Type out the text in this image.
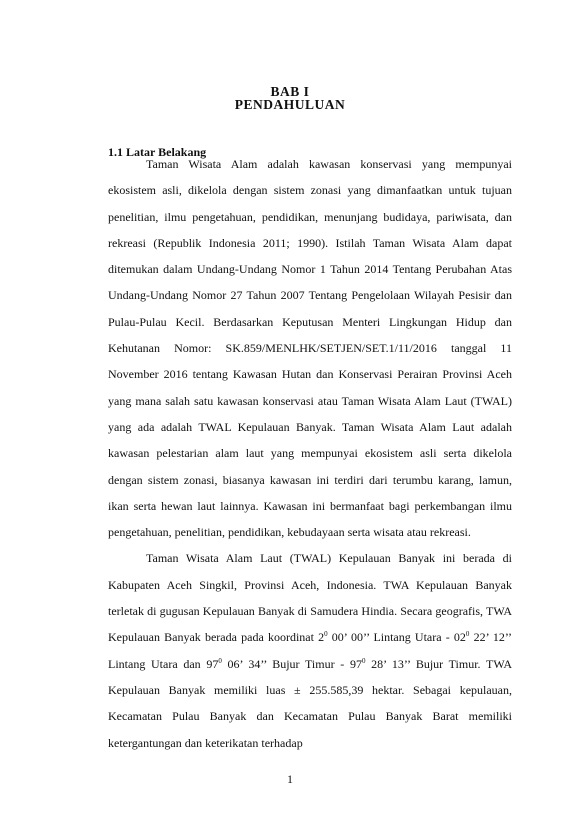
BAB I
PENDAHULUAN
1.1 Latar Belakang

Taman Wisata Alam adalah kawasan konservasi yang mempunyai ekosistem asli, dikelola dengan sistem zonasi yang dimanfaatkan untuk tujuan penelitian, ilmu pengetahuan, pendidikan, menunjang budidaya, pariwisata, dan rekreasi (Republik Indonesia 2011; 1990). Istilah Taman Wisata Alam dapat ditemukan dalam Undang-Undang Nomor 1 Tahun 2014 Tentang Perubahan Atas Undang-Undang Nomor 27 Tahun 2007 Tentang Pengelolaan Wilayah Pesisir dan Pulau-Pulau Kecil. Berdasarkan Keputusan Menteri Lingkungan Hidup dan Kehutanan Nomor: SK.859/MENLHK/SETJEN/SET.1/11/2016 tanggal 11 November 2016 tentang Kawasan Hutan dan Konservasi Perairan Provinsi Aceh yang mana salah satu kawasan konservasi atau Taman Wisata Alam Laut (TWAL) yang ada adalah TWAL Kepulauan Banyak. Taman Wisata Alam Laut adalah kawasan pelestarian alam laut yang mempunyai ekosistem asli serta dikelola dengan sistem zonasi, biasanya kawasan ini terdiri dari terumbu karang, lamun, ikan serta hewan laut lainnya. Kawasan ini bermanfaat bagi perkembangan ilmu pengetahuan, penelitian, pendidikan, kebudayaan serta wisata atau rekreasi.

Taman Wisata Alam Laut (TWAL) Kepulauan Banyak ini berada di Kabupaten Aceh Singkil, Provinsi Aceh, Indonesia. TWA Kepulauan Banyak terletak di gugusan Kepulauan Banyak di Samudera Hindia. Secara geografis, TWA Kepulauan Banyak berada pada koordinat $2^0$ 00’ 00’’ Lintang Utara - $02^0$ 22’ 12’’ Lintang Utara dan $97^0$ 06’ 34’’ Bujur Timur - $97^0$ 28’ 13’’ Bujur Timur. TWA Kepulauan Banyak memiliki luas ± 255.585,39 hektar. Sebagai kepulauan, Kecamatan Pulau Banyak dan Kecamatan Pulau Banyak Barat memiliki ketergantungan dan keterikatan terhadap

1
